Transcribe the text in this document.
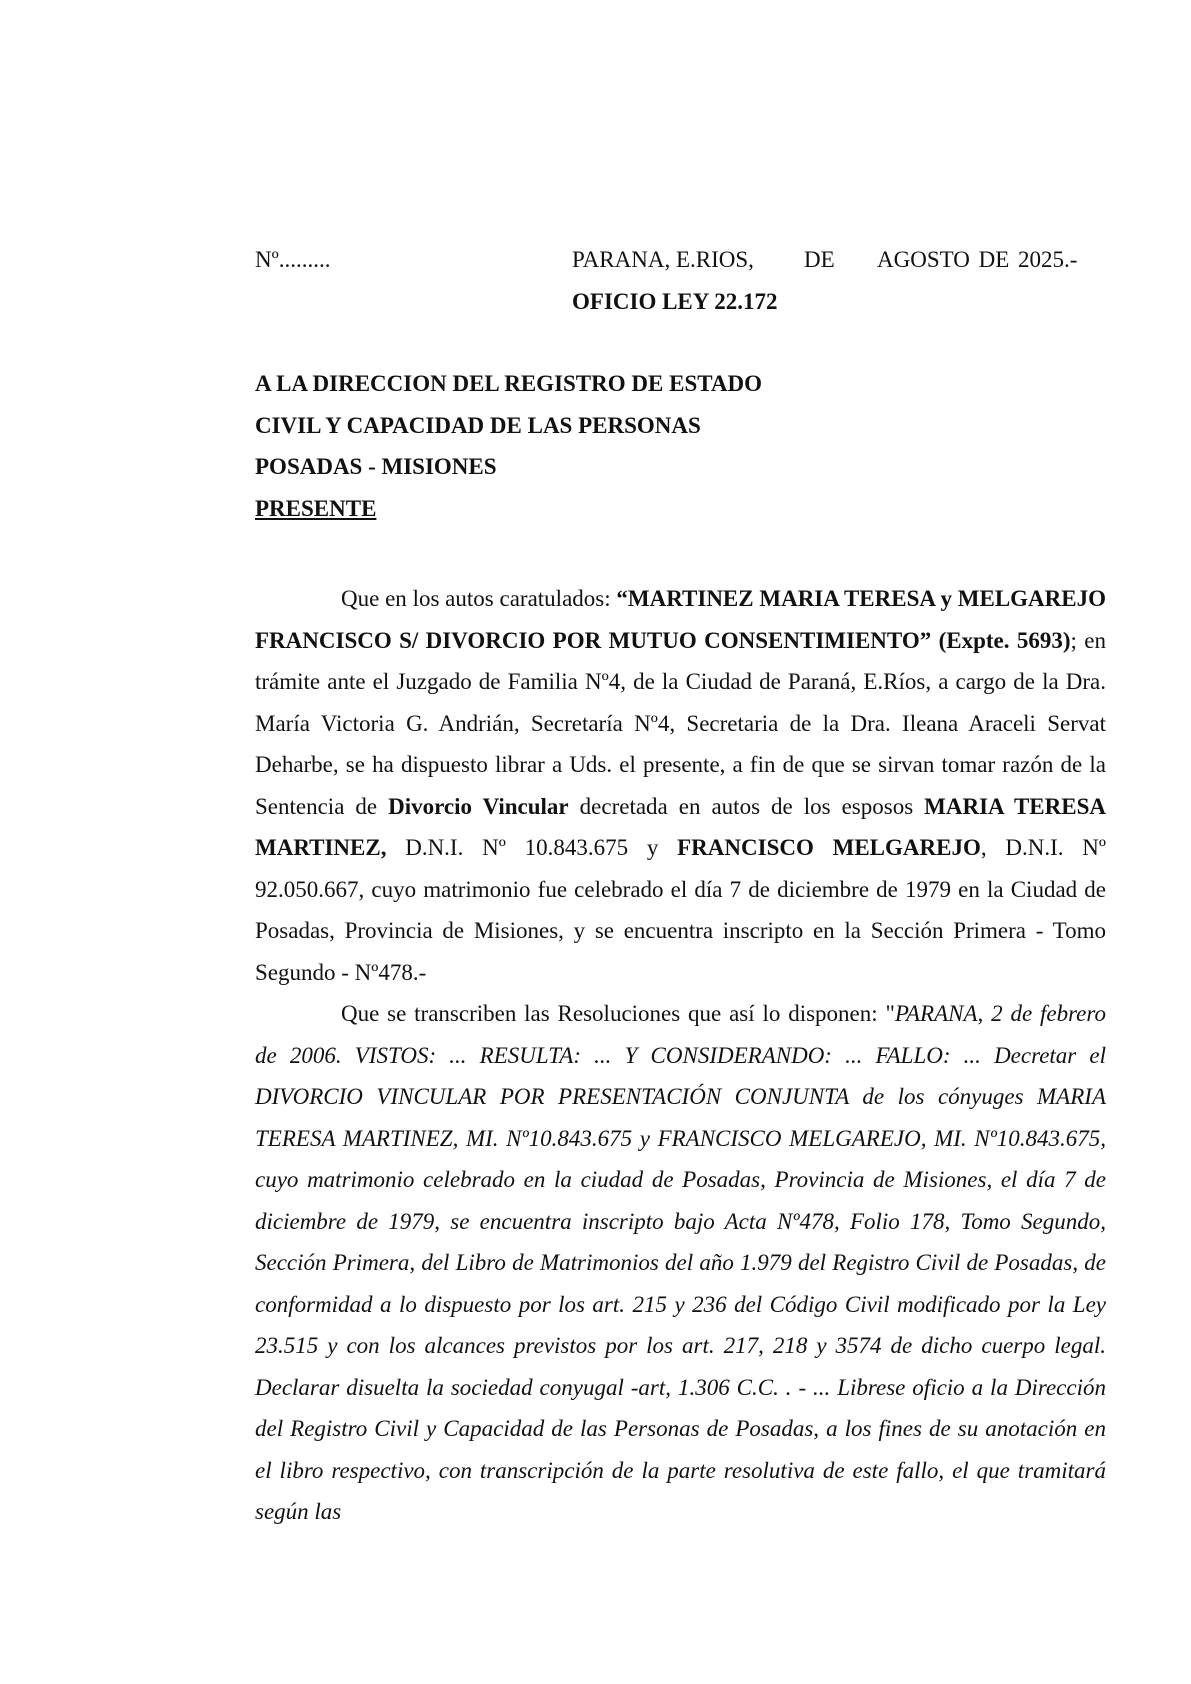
Nº.........	PARANA, E.RIOS, DE AGOSTO DE 2025.-
OFICIO LEY 22.172
A LA DIRECCION DEL REGISTRO DE ESTADO
CIVIL Y CAPACIDAD DE LAS PERSONAS
POSADAS - MISIONES
PRESENTE

Que en los autos caratulados: “MARTINEZ MARIA TERESA y MELGAREJO FRANCISCO S/ DIVORCIO POR MUTUO CONSENTIMIENTO” (Expte. 5693); en trámite ante el Juzgado de Familia Nº4, de la Ciudad de Paraná, E.Ríos, a cargo de la Dra. María Victoria G. Andrián, Secretaría Nº4, Secretaria de la Dra. Ileana Araceli Servat Deharbe, se ha dispuesto librar a Uds. el presente, a fin de que se sirvan tomar razón de la Sentencia de Divorcio Vincular decretada en autos de los esposos MARIA TERESA MARTINEZ, D.N.I. Nº 10.843.675 y FRANCISCO MELGAREJO, D.N.I. Nº 92.050.667, cuyo matrimonio fue celebrado el día 7 de diciembre de 1979 en la Ciudad de Posadas, Provincia de Misiones, y se encuentra inscripto en la Sección Primera - Tomo Segundo - Nº478.-

Que se transcriben las Resoluciones que así lo disponen: "PARANA, 2 de febrero de 2006. VISTOS: ... RESULTA: ... Y CONSIDERANDO: ... FALLO: ... Decretar el DIVORCIO VINCULAR POR PRESENTACIÓN CONJUNTA de los cónyuges MARIA TERESA MARTINEZ, MI. Nº10.843.675 y FRANCISCO MELGAREJO, MI. Nº10.843.675, cuyo matrimonio celebrado en la ciudad de Posadas, Provincia de Misiones, el día 7 de diciembre de 1979, se encuentra inscripto bajo Acta Nº478, Folio 178, Tomo Segundo, Sección Primera, del Libro de Matrimonios del año 1.979 del Registro Civil de Posadas, de conformidad a lo dispuesto por los art. 215 y 236 del Código Civil modificado por la Ley 23.515 y con los alcances previstos por los art. 217, 218 y 3574 de dicho cuerpo legal. Declarar disuelta la sociedad conyugal -art, 1.306 C.C. . - ... Librese oficio a la Dirección del Registro Civil y Capacidad de las Personas de Posadas, a los fines de su anotación en el libro respectivo, con transcripción de la parte resolutiva de este fallo, el que tramitará según las
